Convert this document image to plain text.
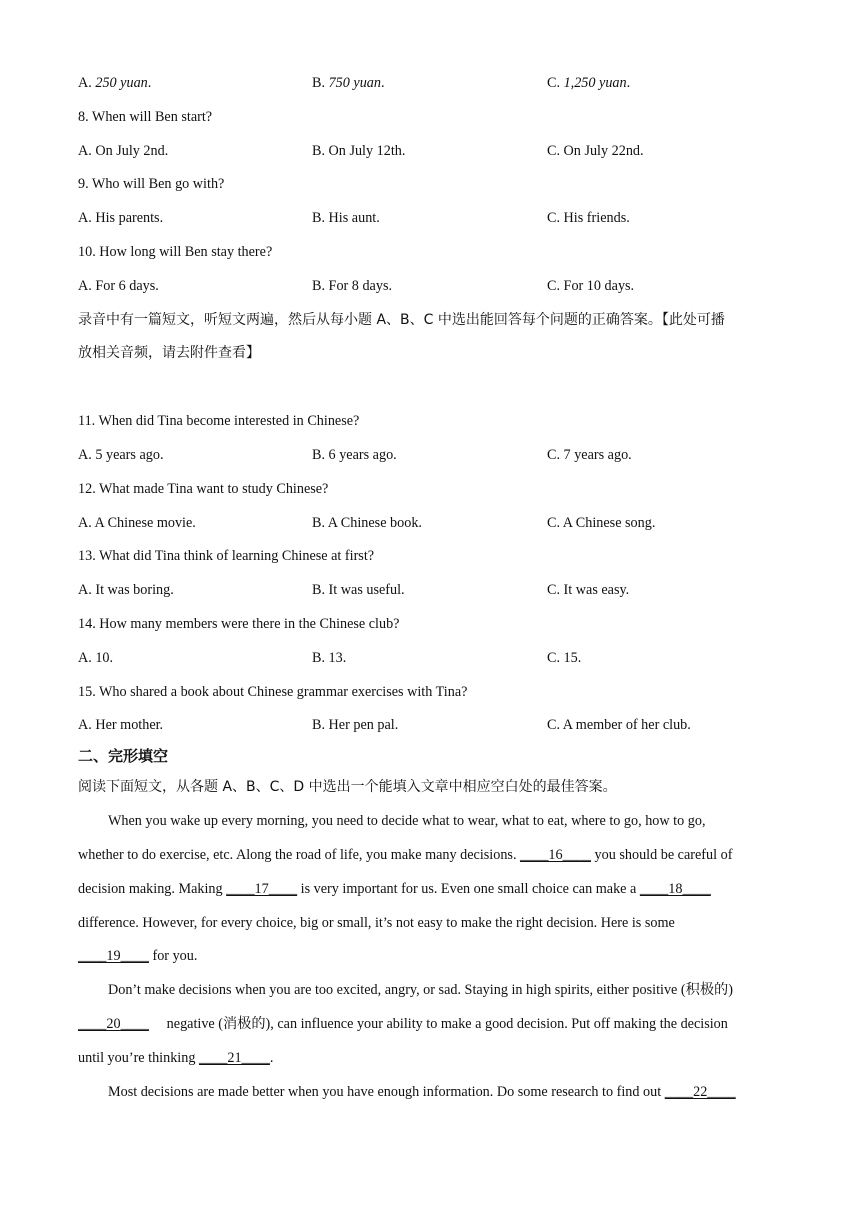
A. 250 yuan.	B. 750 yuan.	C. 1,250 yuan.
8. When will Ben start?
A. On July 2nd.	B. On July 12th.	C. On July 22nd.
9. Who will Ben go with?
A. His parents.	B. His aunt.	C. His friends.
10. How long will Ben stay there?
A. For 6 days.	B. For 8 days.	C. For 10 days.
录音中有一篇短文，听短文两遍，然后从每小题 A、B、C 中选出能回答每个问题的正确答案。【此处可播
放相关音频，请去附件查看】
11. When did Tina become interested in Chinese?
A. 5 years ago.	B. 6 years ago.	C. 7 years ago.
12. What made Tina want to study Chinese?
A. A Chinese movie.	B. A Chinese book.	C. A Chinese song.
13. What did Tina think of learning Chinese at first?
A. It was boring.	B. It was useful.	C. It was easy.
14. How many members were there in the Chinese club?
A. 10.	B. 13.	C. 15.
15. Who shared a book about Chinese grammar exercises with Tina?
A. Her mother.	B. Her pen pal.	C. A member of her club.
二、完形填空
阅读下面短文，从各题 A、B、C、D 中选出一个能填入文章中相应空白处的最佳答案。
When you wake up every morning, you need to decide what to wear, what to eat, where to go, how to go,
whether to do exercise, etc. Along the road of life, you make many decisions. ____16____ you should be careful of
decision making. Making ____17____ is very important for us. Even one small choice can make a ____18____
difference. However, for every choice, big or small, it’s not easy to make the right decision. Here is some
____19____ for you.
Don’t make decisions when you are too excited, angry, or sad. Staying in high spirits, either positive (积极的)
____20____     negative (消极的), can influence your ability to make a good decision. Put off making the decision
until you’re thinking ____21____.
Most decisions are made better when you have enough information. Do some research to find out ____22____
